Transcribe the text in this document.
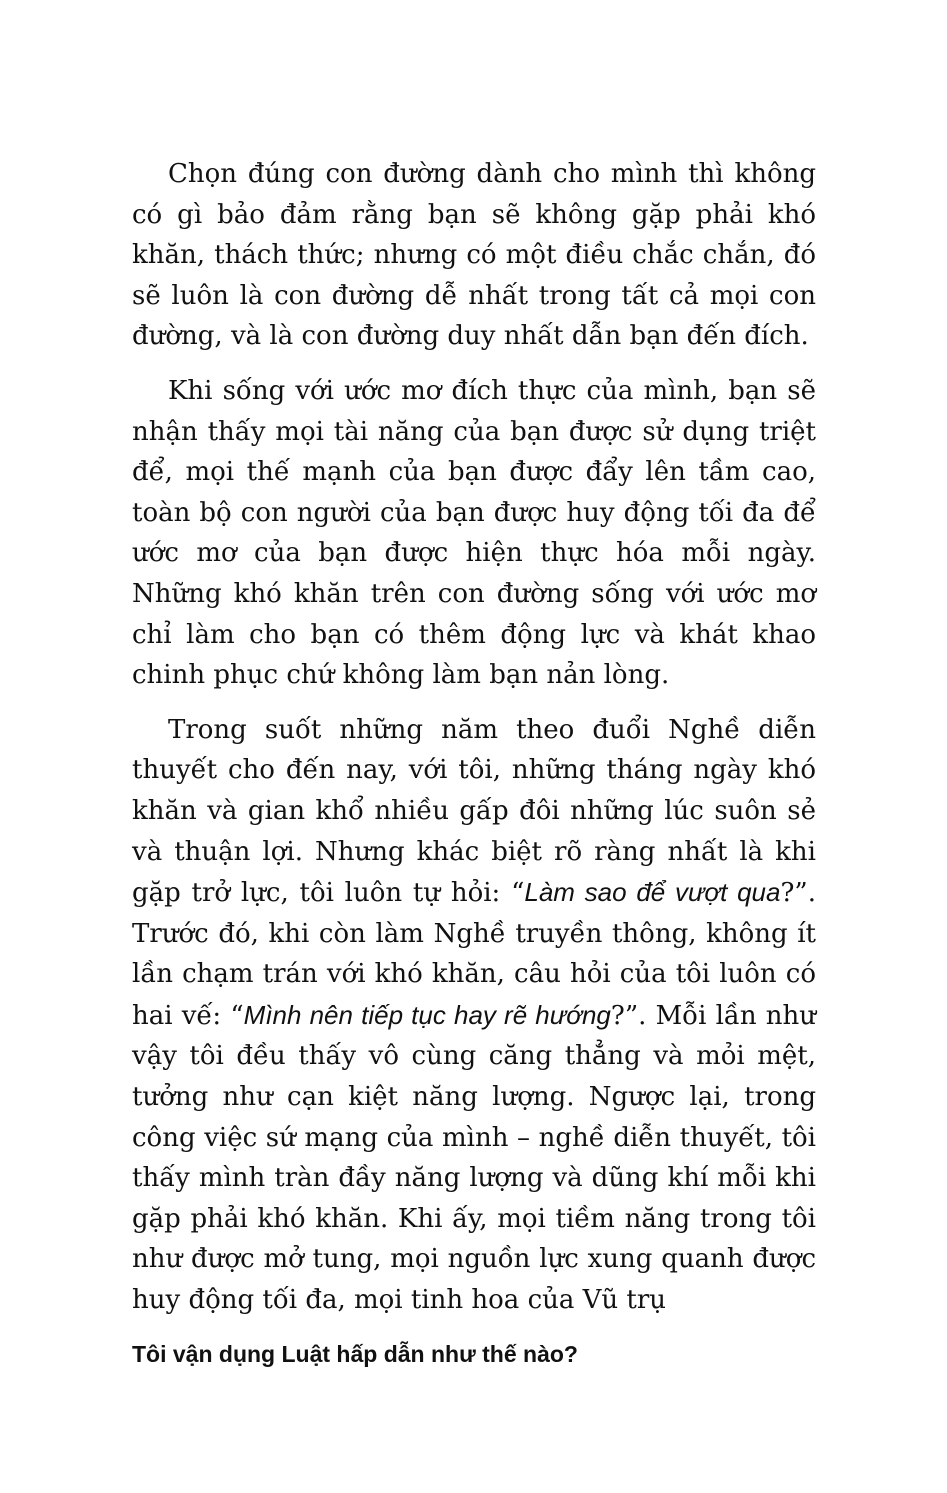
Chọn đúng con đường dành cho mình thì không có gì bảo đảm rằng bạn sẽ không gặp phải khó khăn, thách thức; nhưng có một điều chắc chắn, đó sẽ luôn là con đường dễ nhất trong tất cả mọi con đường, và là con đường duy nhất dẫn bạn đến đích.

Khi sống với ước mơ đích thực của mình, bạn sẽ nhận thấy mọi tài năng của bạn được sử dụng triệt để, mọi thế mạnh của bạn được đẩy lên tầm cao, toàn bộ con người của bạn được huy động tối đa để ước mơ của bạn được hiện thực hóa mỗi ngày. Những khó khăn trên con đường sống với ước mơ chỉ làm cho bạn có thêm động lực và khát khao chinh phục chứ không làm bạn nản lòng.

Trong suốt những năm theo đuổi Nghề diễn thuyết cho đến nay, với tôi, những tháng ngày khó khăn và gian khổ nhiều gấp đôi những lúc suôn sẻ và thuận lợi. Nhưng khác biệt rõ ràng nhất là khi gặp trở lực, tôi luôn tự hỏi: “Làm sao để vượt qua?”. Trước đó, khi còn làm Nghề truyền thông, không ít lần chạm trán với khó khăn, câu hỏi của tôi luôn có hai vế: “Mình nên tiếp tục hay rẽ hướng?”. Mỗi lần như vậy tôi đều thấy vô cùng căng thẳng và mỏi mệt, tưởng như cạn kiệt năng lượng. Ngược lại, trong công việc sứ mạng của mình – nghề diễn thuyết, tôi thấy mình tràn đầy năng lượng và dũng khí mỗi khi gặp phải khó khăn. Khi ấy, mọi tiềm năng trong tôi như được mở tung, mọi nguồn lực xung quanh được huy động tối đa, mọi tinh hoa của Vũ trụ

Tôi vận dụng Luật hấp dẫn như thế nào?
